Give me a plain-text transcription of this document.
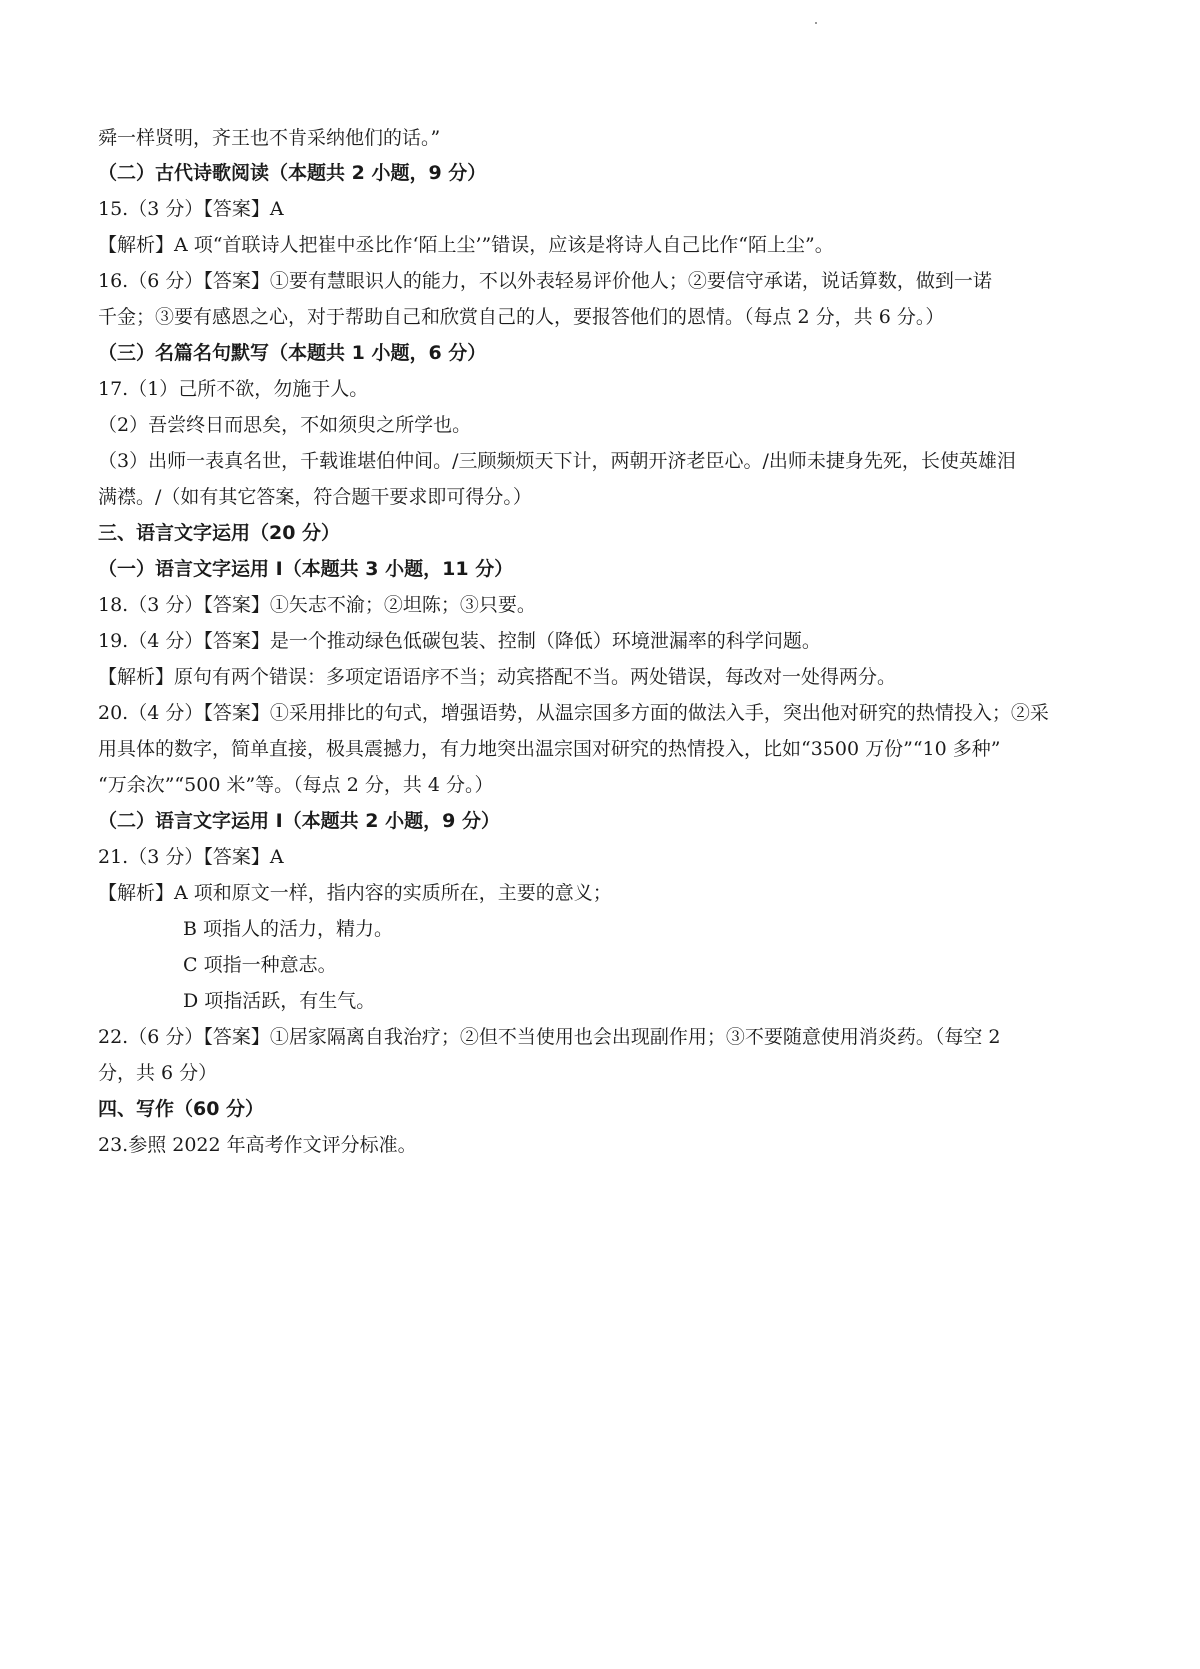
舜一样贤明，齐王也不肯采纳他们的话。”
（二）古代诗歌阅读（本题共 2 小题，9 分）
15.（3 分）【答案】A
【解析】A 项“首联诗人把崔中丞比作‘陌上尘’”错误，应该是将诗人自己比作“陌上尘”。
16.（6 分）【答案】①要有慧眼识人的能力，不以外表轻易评价他人；②要信守承诺，说话算数，做到一诺
千金；③要有感恩之心，对于帮助自己和欣赏自己的人，要报答他们的恩情。（每点 2 分，共 6 分。）
（三）名篇名句默写（本题共 1 小题，6 分）
17.（1）己所不欲，勿施于人。
（2）吾尝终日而思矣，不如须臾之所学也。
（3）出师一表真名世，千载谁堪伯仲间。/三顾频烦天下计，两朝开济老臣心。/出师未捷身先死，长使英雄泪
满襟。/（如有其它答案，符合题干要求即可得分。）
三、语言文字运用（20 分）
（一）语言文字运用 I（本题共 3 小题，11 分）
18.（3 分）【答案】①矢志不渝；②坦陈；③只要。
19.（4 分）【答案】是一个推动绿色低碳包装、控制（降低）环境泄漏率的科学问题。
【解析】原句有两个错误：多项定语语序不当；动宾搭配不当。两处错误，每改对一处得两分。
20.（4 分）【答案】①采用排比的句式，增强语势，从温宗国多方面的做法入手，突出他对研究的热情投入；②采
用具体的数字，简单直接，极具震撼力，有力地突出温宗国对研究的热情投入，比如“3500 万份”“10 多种”
“万余次”“500 米”等。（每点 2 分，共 4 分。）
（二）语言文字运用 I（本题共 2 小题，9 分）
21.（3 分）【答案】A
【解析】A 项和原文一样，指内容的实质所在，主要的意义；
B 项指人的活力，精力。
C 项指一种意志。
D 项指活跃，有生气。
22.（6 分）【答案】①居家隔离自我治疗；②但不当使用也会出现副作用；③不要随意使用消炎药。（每空 2
分，共 6 分）
四、写作（60 分）
23.参照 2022 年高考作文评分标准。
